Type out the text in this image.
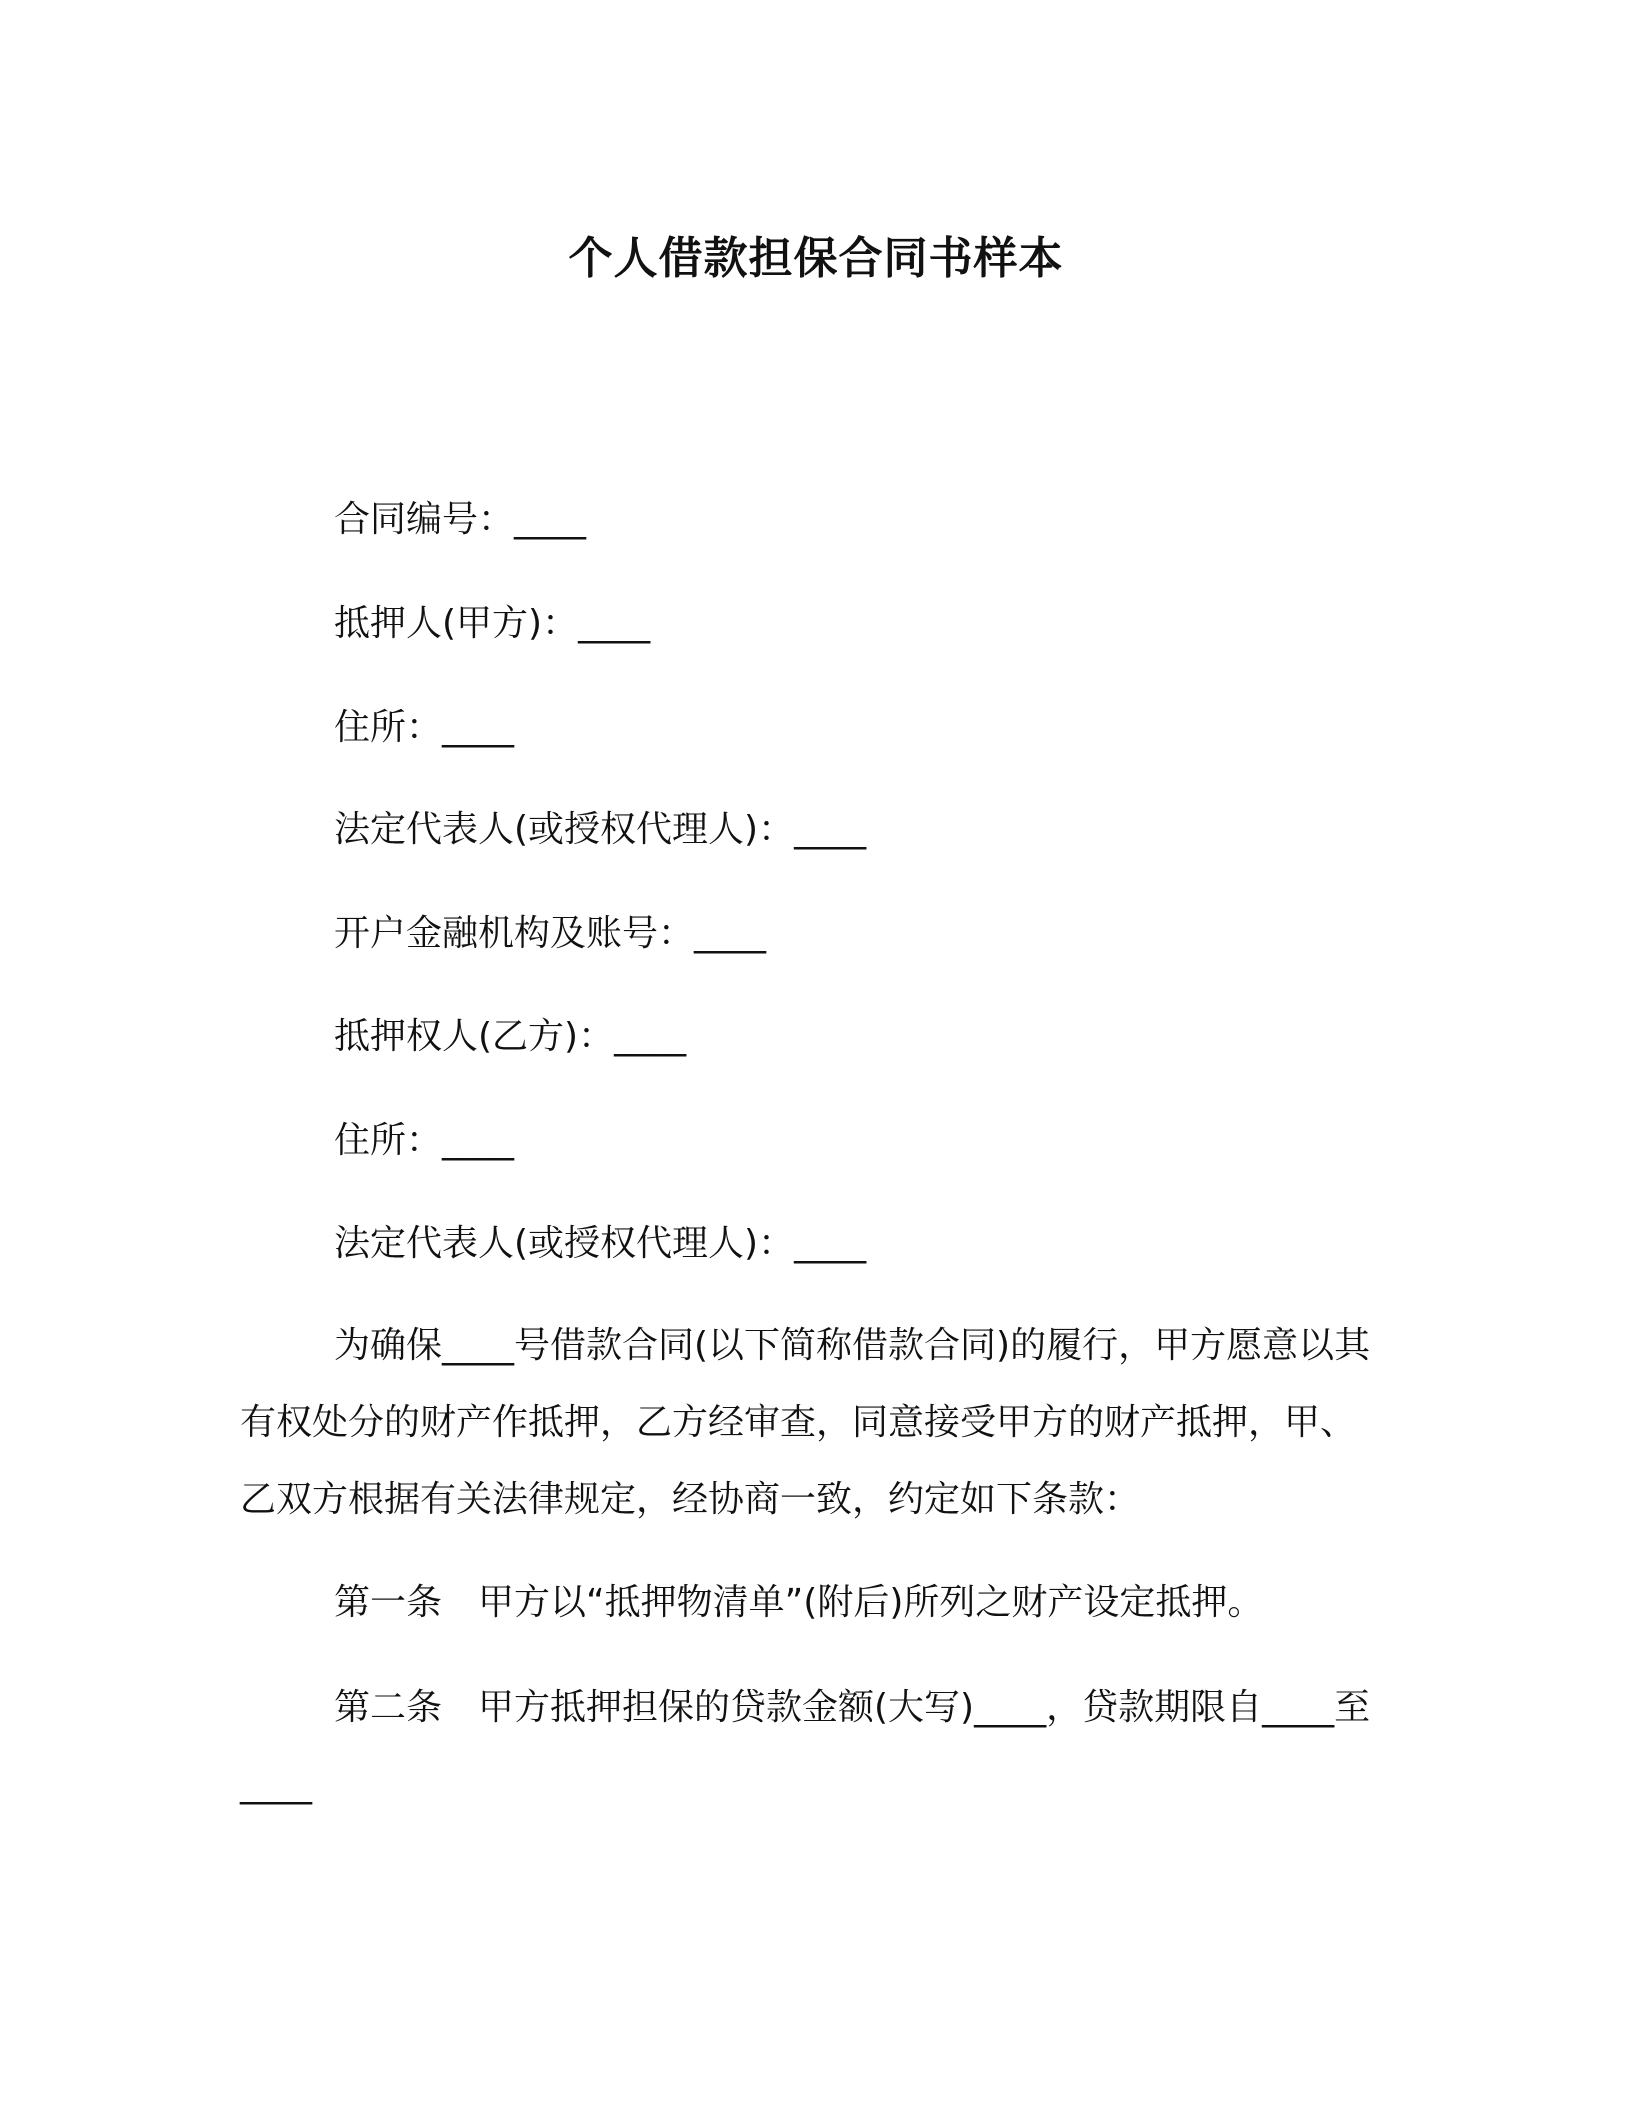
个人借款担保合同书样本
合同编号：____
抵押人(甲方)：____
住所：____
法定代表人(或授权代理人)：____
开户金融机构及账号：____
抵押权人(乙方)：____
住所：____
法定代表人(或授权代理人)：____
为确保____号借款合同(以下简称借款合同)的履行，甲方愿意以其有权处分的财产作抵押，乙方经审查，同意接受甲方的财产抵押，甲、乙双方根据有关法律规定，经协商一致，约定如下条款：
第一条　甲方以“抵押物清单”(附后)所列之财产设定抵押。
第二条　甲方抵押担保的贷款金额(大写)____，贷款期限自____至____
